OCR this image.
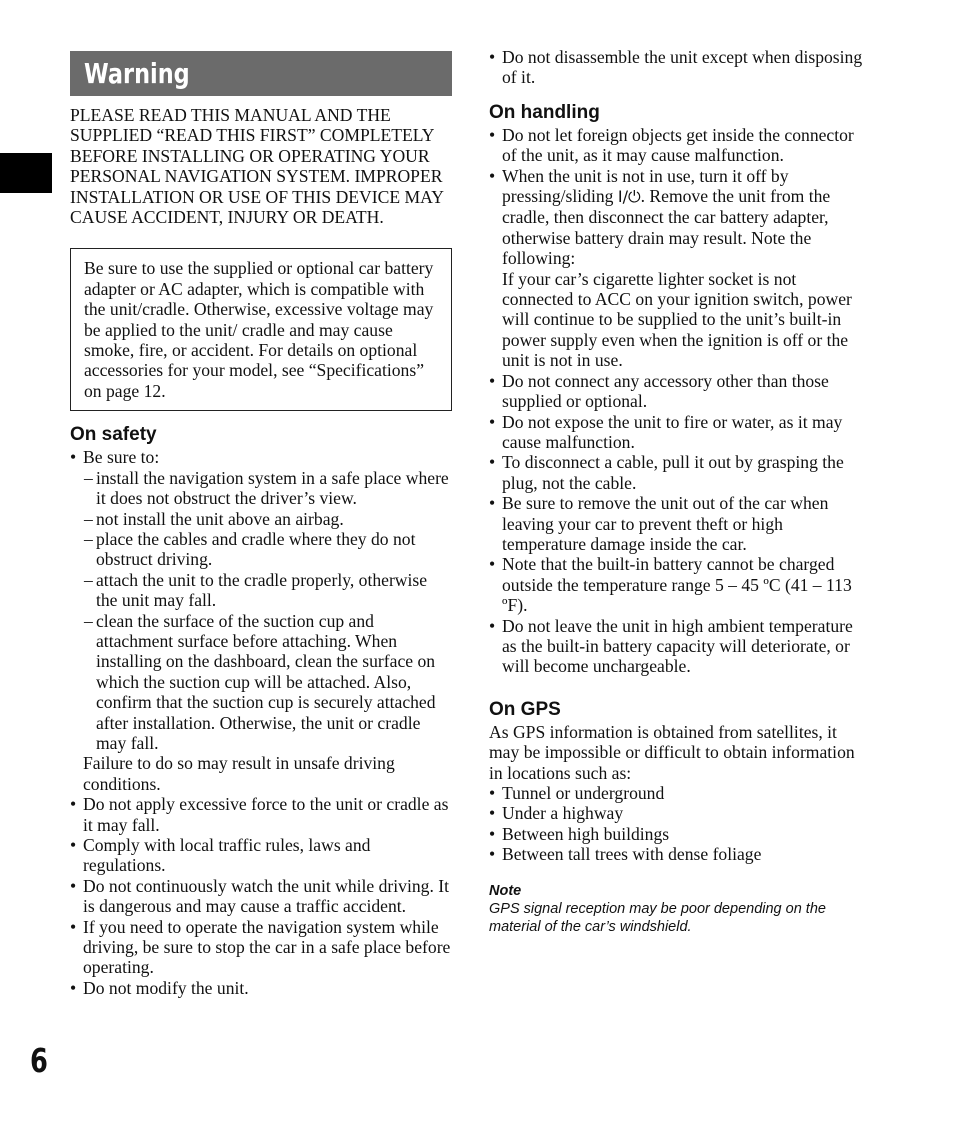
6
Warning
PLEASE READ THIS MANUAL AND THE SUPPLIED “READ THIS FIRST” COMPLETELY BEFORE INSTALLING OR OPERATING YOUR PERSONAL NAVIGATION SYSTEM. IMPROPER INSTALLATION OR USE OF THIS DEVICE MAY CAUSE ACCIDENT, INJURY OR DEATH.
Be sure to use the supplied or optional car battery adapter or AC adapter, which is compatible with the unit/cradle. Otherwise, excessive voltage may be applied to the unit/ cradle and may cause smoke, fire, or accident. For details on optional accessories for your model, see “Specifications” on page 12.
On safety
• Be sure to:
– install the navigation system in a safe place where it does not obstruct the driver’s view.
– not install the unit above an airbag.
– place the cables and cradle where they do not obstruct driving.
– attach the unit to the cradle properly, otherwise the unit may fall.
– clean the surface of the suction cup and attachment surface before attaching. When installing on the dashboard, clean the surface on which the suction cup will be attached. Also, confirm that the suction cup is securely attached after installation. Otherwise, the unit or cradle may fall.
Failure to do so may result in unsafe driving conditions.
• Do not apply excessive force to the unit or cradle as it may fall.
• Comply with local traffic rules, laws and regulations.
• Do not continuously watch the unit while driving. It is dangerous and may cause a traffic accident.
• If you need to operate the navigation system while driving, be sure to stop the car in a safe place before operating.
• Do not modify the unit.
• Do not disassemble the unit except when disposing of it.
On handling
• Do not let foreign objects get inside the connector of the unit, as it may cause malfunction.
• When the unit is not in use, turn it off by pressing/sliding I/⏻. Remove the unit from the cradle, then disconnect the car battery adapter, otherwise battery drain may result. Note the following:
If your car’s cigarette lighter socket is not connected to ACC on your ignition switch, power will continue to be supplied to the unit’s built-in power supply even when the ignition is off or the unit is not in use.
• Do not connect any accessory other than those supplied or optional.
• Do not expose the unit to fire or water, as it may cause malfunction.
• To disconnect a cable, pull it out by grasping the plug, not the cable.
• Be sure to remove the unit out of the car when leaving your car to prevent theft or high temperature damage inside the car.
• Note that the built-in battery cannot be charged outside the temperature range 5 – 45 ºC (41 – 113 ºF).
• Do not leave the unit in high ambient temperature as the built-in battery capacity will deteriorate, or will become unchargeable.
On GPS
As GPS information is obtained from satellites, it may be impossible or difficult to obtain information in locations such as:
• Tunnel or underground
• Under a highway
• Between high buildings
• Between tall trees with dense foliage
Note
GPS signal reception may be poor depending on the material of the car’s windshield.
